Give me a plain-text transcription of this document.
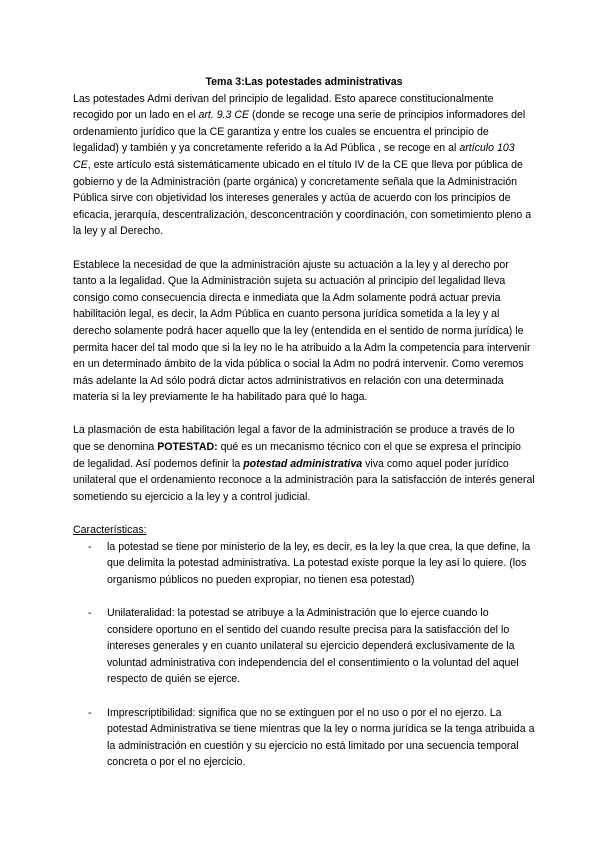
Tema 3:Las potestades administrativas

Las potestades Admi derivan del principio de legalidad. Esto aparece constitucionalmente recogido por un lado en el art. 9.3 CE (donde se recoge una serie de principios informadores del ordenamiento jurídico que la CE garantiza y entre los cuales se encuentra el principio de legalidad) y también y ya concretamente referido a la Ad Pública , se recoge en al artículo 103 CE, este artículo está sistemáticamente ubicado en el título IV de la CE que lleva por pública de gobierno y de la Administración (parte orgánica) y concretamente señala que la Administración Pública sirve con objetividad los intereses generales y actúa de acuerdo con los principios de eficacia, jerarquía, descentralización, desconcentración y coordinación, con sometimiento pleno a la ley y al Derecho.

Establece la necesidad de que la administración ajuste su actuación a la ley y al derecho por tanto a la legalidad. Que la Administración sujeta su actuación al principio del legalidad lleva consigo como consecuencia directa e inmediata que la Adm solamente podrá actuar previa habilitación legal, es decir, la Adm Pública en cuanto persona jurídica sometida a la ley y al derecho solamente podrá hacer aquello que la ley (entendida en el sentido de norma jurídica) le permita hacer del tal modo que si la ley no le ha atribuido a la Adm la competencia para intervenir en un determinado ámbito de la vida pública o social la Adm no podrá intervenir. Como veremos más adelante la Ad sólo podrá dictar actos administrativos en relación con una determinada materia si la ley previamente le ha habilitado para qué lo haga.

La plasmación de esta habilitación legal a favor de la administración se produce a través de lo que se denomina POTESTAD: qué es un mecanismo técnico con el que se expresa el principio de legalidad. Así podemos definir la potestad administrativa viva como aquel poder jurídico unilateral que el ordenamiento reconoce a la administración para la satisfacción de interés general sometiendo su ejercicio a la ley y a control judicial.

Características:

- la potestad se tiene por ministerio de la ley, es decir, es la ley la que crea, la que define, la que delimita la potestad administrativa. La potestad existe porque la ley así lo quiere. (los organismo públicos no pueden expropiar, no tienen esa potestad)
- Unilateralidad: la potestad se atribuye a la Administración que lo ejerce cuando lo considere oportuno en el sentido del cuando resulte precisa para la satisfacción del lo intereses generales y en cuanto unilateral su ejercicio dependerá exclusivamente de la voluntad administrativa con independencia del el consentimiento o la voluntad del aquel respecto de quién se ejerce.
- Imprescriptibilidad: significa que no se extinguen por el no uso o por el no ejerzo. La potestad Administrativa se tiene mientras que la ley o norma jurídica se la tenga atribuida a la administración en cuestión y su ejercicio no está limitado por una secuencia temporal concreta o por el no ejercicio.
